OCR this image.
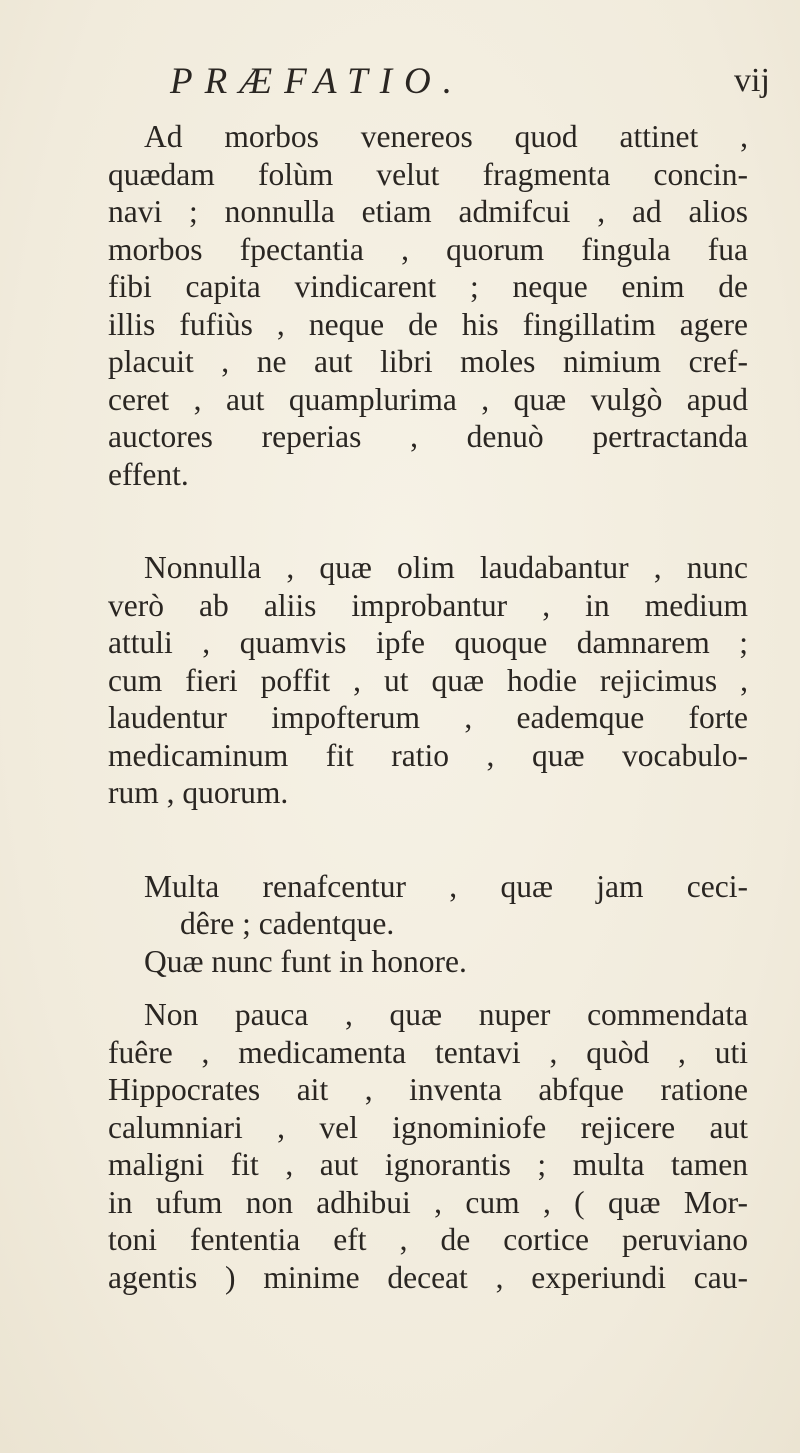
PRÆFATIO.	vij
Ad morbos venereos quod attinet ,
quædam folùm velut fragmenta concin-
navi ; nonnulla etiam admifcui , ad alios
morbos fpectantia , quorum fingula fua
fibi capita vindicarent ; neque enim de
illis fufiùs , neque de his fingillatim agere
placuit , ne aut libri moles nimium cref-
ceret , aut quamplurima , quæ vulgò apud
auctores reperias , denuò pertractanda
effent.
Nonnulla , quæ olim laudabantur , nunc
verò ab aliis improbantur , in medium
attuli , quamvis ipfe quoque damnarem ;
cum fieri poffit , ut quæ hodie rejicimus ,
laudentur impofterum , eademque forte
medicaminum fit ratio , quæ vocabulo-
rum , quorum.
Multa renafcentur , quæ jam ceci-
dêre ; cadentque.
Quæ nunc funt in honore.
Non pauca , quæ nuper commendata
fuêre , medicamenta tentavi , quòd , uti
Hippocrates ait , inventa abfque ratione
calumniari , vel ignominiofe rejicere aut
maligni fit , aut ignorantis ; multa tamen
in ufum non adhibui , cum , ( quæ Mor-
toni fententia eft , de cortice peruviano
agentis ) minime deceat , experiundi cau-
